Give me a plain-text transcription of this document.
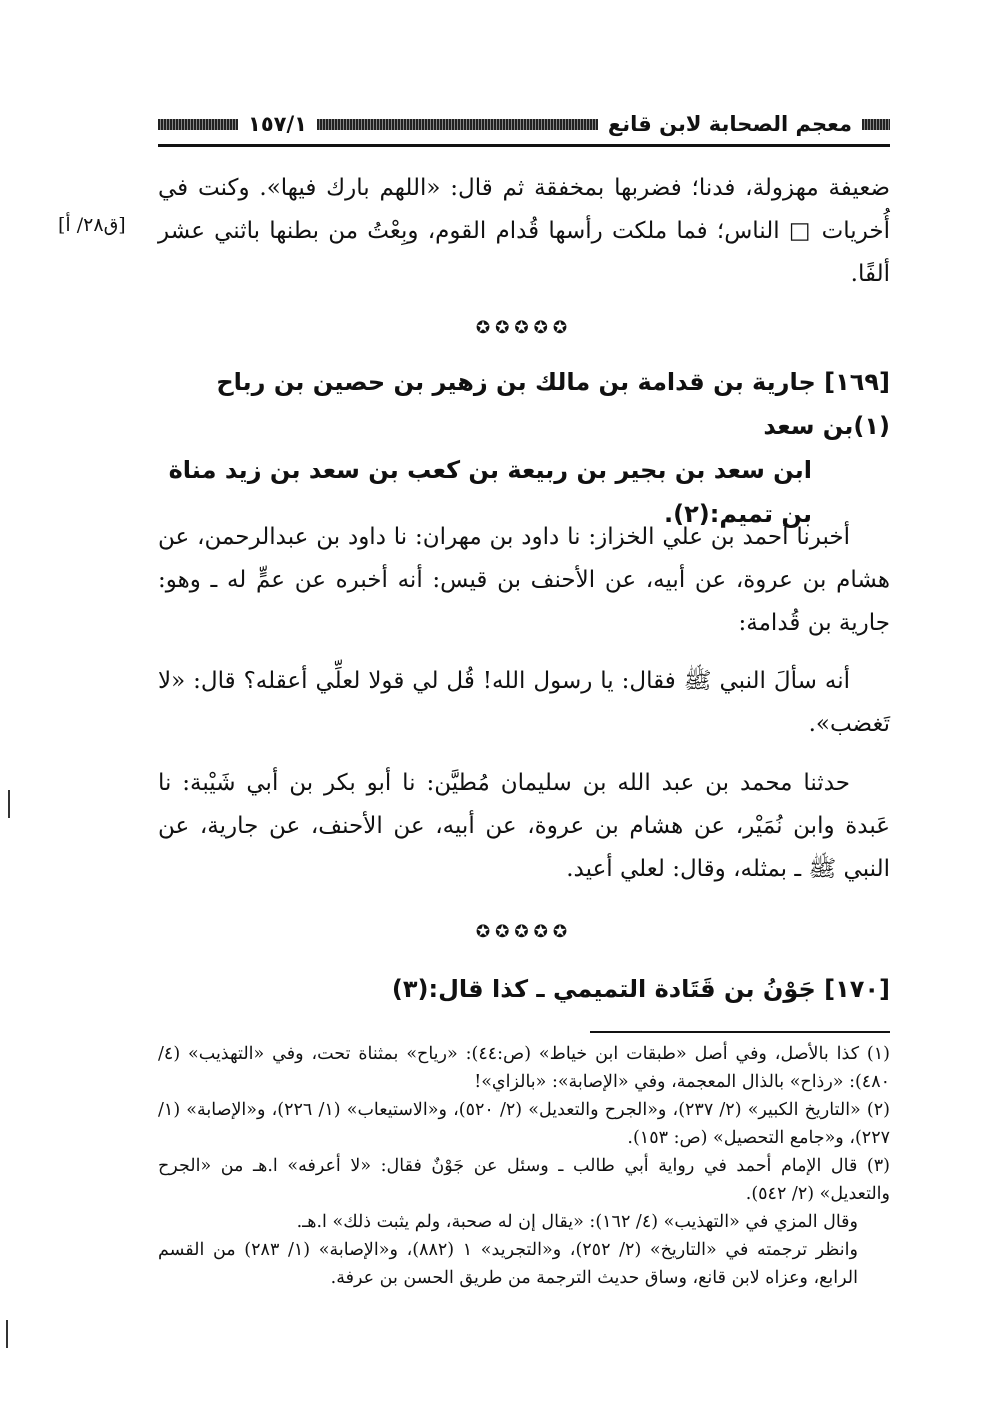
معجم الصحابة لابن قانع
١٥٧/١
[ق٢٨/ أ]

ضعيفة مهزولة، فدنا؛ فضربها بمخفقة ثم قال: «اللهم بارك فيها». وكنت في أُخريات □ الناس؛ فما ملكت رأسها قُدام القوم، وبِعْتُ من بطنها باثني عشر ألفًا.

✪✪✪✪✪

[١٦٩] جارية بن قدامة بن مالك بن زهير بن حصين بن رباح (١)بن سعد

ابن سعد بن بجير بن ربيعة بن كعب بن سعد بن زيد مناة بن تميم:(٢).

أخبرنا أحمد بن علي الخزاز: نا داود بن مهران: نا داود بن عبدالرحمن، عن هشام بن عروة، عن أبيه، عن الأحنف بن قيس: أنه أخبره عن عمٍّ له ـ وهو: جارية بن قُدامة:

أنه سألَ النبي ﷺ فقال: يا رسول الله! قُل لي قولا لعلِّي أعقله؟ قال: «لا تَغضب».

حدثنا محمد بن عبد الله بن سليمان مُطيَّن: نا أبو بكر بن أبي شَيْبة: نا عَبدة وابن نُمَيْر، عن هشام بن عروة، عن أبيه، عن الأحنف، عن جارية، عن النبي ﷺ ـ بمثله، وقال: لعلي أعيد.

✪✪✪✪✪

[١٧٠] جَوْنُ بن قَتَادة التميمي ـ كذا قال:(٣)

(١) كذا بالأصل، وفي أصل «طبقات ابن خياط» (ص:٤٤): «رياح» بمثناة تحت، وفي «التهذيب» (٤/ ٤٨٠): «رذاح» بالذال المعجمة، وفي «الإصابة»: «بالزاي»!

(٢) «التاريخ الكبير» (٢/ ٢٣٧)، و«الجرح والتعديل» (٢/ ٥٢٠)، و«الاستيعاب» (١/ ٢٢٦)، و«الإصابة» (١/ ٢٢٧)، و«جامع التحصيل» (ص: ١٥٣).

(٣) قال الإمام أحمد في رواية أبي طالب ـ وسئل عن جَوْنٌ فقال: «لا أعرفه» ا.هـ من «الجرح والتعديل» (٢/ ٥٤٢).

وقال المزي في «التهذيب» (٤/ ١٦٢): «يقال إن له صحبة، ولم يثبت ذلك» ا.هـ.

وانظر ترجمته في «التاريخ» (٢/ ٢٥٢)، و«التجريد» ١ (٨٨٢)، و«الإصابة» (١/ ٢٨٣) من القسم الرابع، وعزاه لابن قانع، وساق حديث الترجمة من طريق الحسن بن عرفة.
